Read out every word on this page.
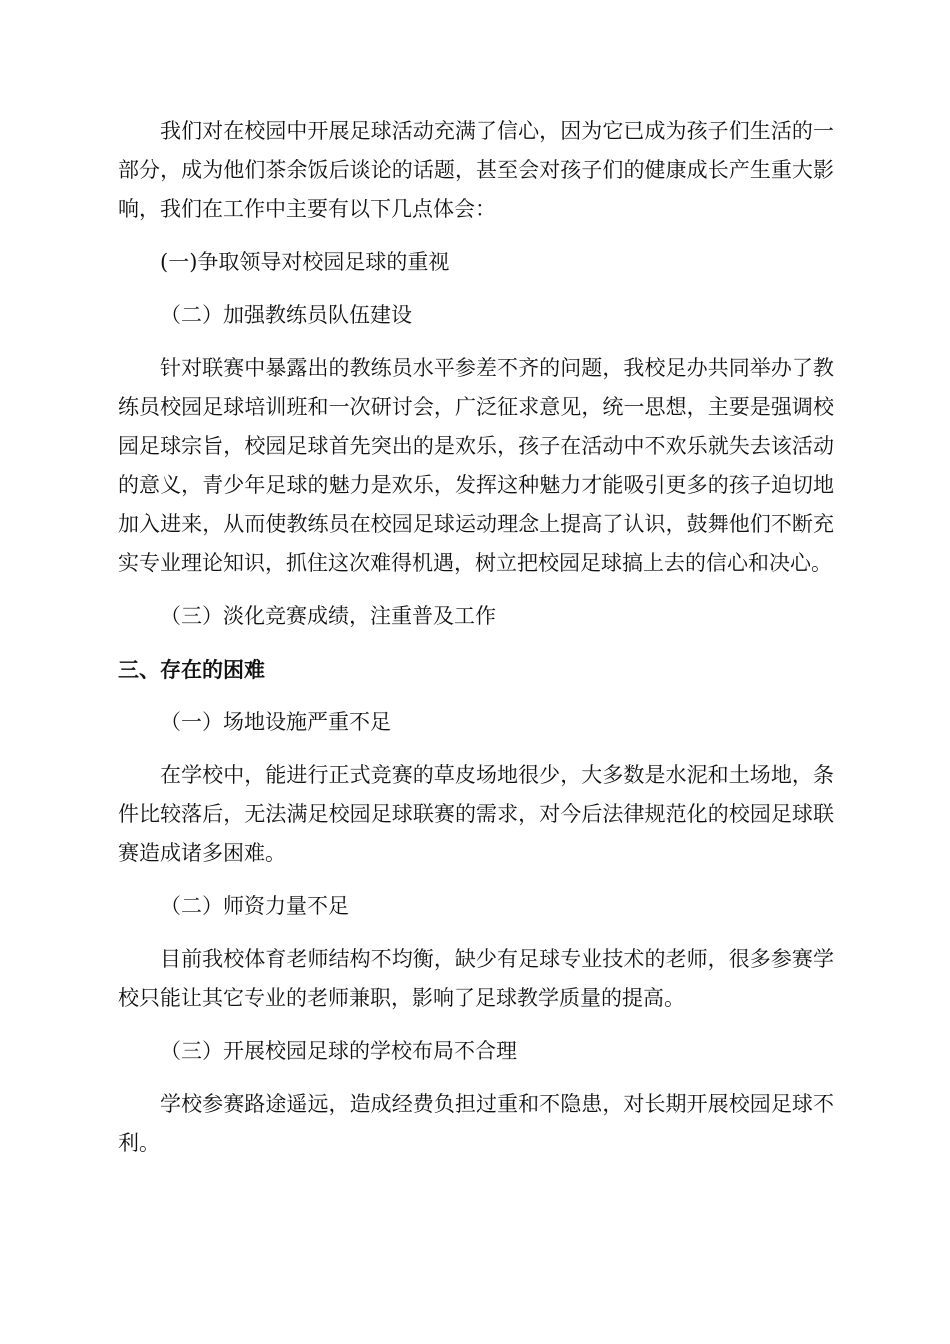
我们对在校园中开展足球活动充满了信心，因为它已成为孩子们生活的一部分，成为他们茶余饭后谈论的话题，甚至会对孩子们的健康成长产生重大影响，我们在工作中主要有以下几点体会：

(一)争取领导对校园足球的重视

（二）加强教练员队伍建设

针对联赛中暴露出的教练员水平参差不齐的问题，我校足办共同举办了教练员校园足球培训班和一次研讨会，广泛征求意见，统一思想，主要是强调校园足球宗旨，校园足球首先突出的是欢乐，孩子在活动中不欢乐就失去该活动的意义，青少年足球的魅力是欢乐，发挥这种魅力才能吸引更多的孩子迫切地加入进来，从而使教练员在校园足球运动理念上提高了认识，鼓舞他们不断充实专业理论知识，抓住这次难得机遇，树立把校园足球搞上去的信心和决心。

（三）淡化竞赛成绩，注重普及工作

三、存在的困难

（一）场地设施严重不足

在学校中，能进行正式竞赛的草皮场地很少，大多数是水泥和土场地，条件比较落后，无法满足校园足球联赛的需求，对今后法律规范化的校园足球联赛造成诸多困难。

（二）师资力量不足

目前我校体育老师结构不均衡，缺少有足球专业技术的老师，很多参赛学校只能让其它专业的老师兼职，影响了足球教学质量的提高。

（三）开展校园足球的学校布局不合理

学校参赛路途遥远，造成经费负担过重和不隐患，对长期开展校园足球不利。
